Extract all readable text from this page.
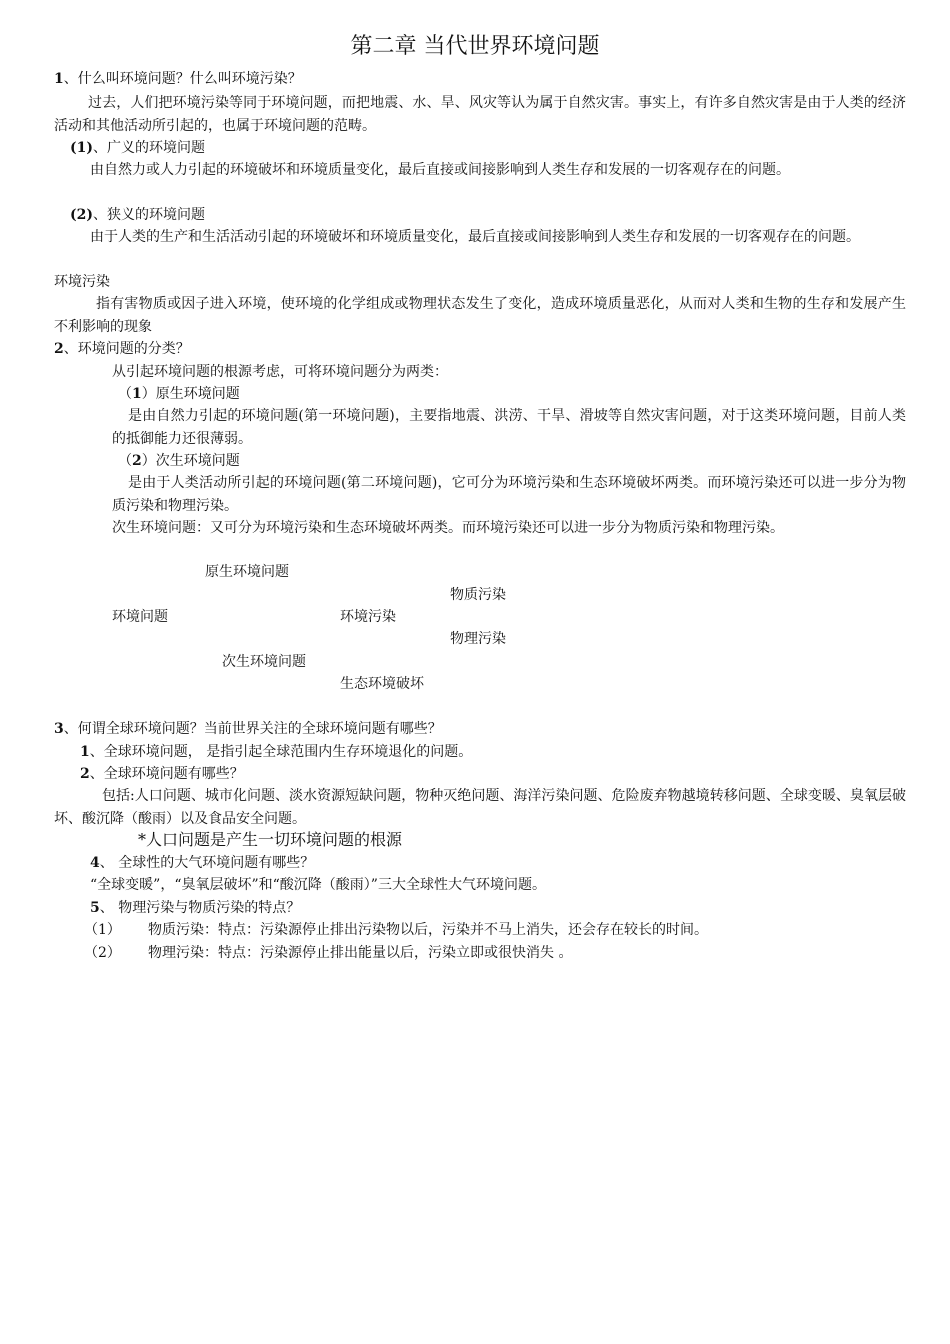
第二章 当代世界环境问题
1、什么叫环境问题？什么叫环境污染？
过去，人们把环境污染等同于环境问题，而把地震、水、旱、风灾等认为属于自然灾害。事实上，有许多自然灾害是由于人类的经济活动和其他活动所引起的，也属于环境问题的范畴。
(1)、广义的环境问题
由自然力或人力引起的环境破坏和环境质量变化，最后直接或间接影响到人类生存和发展的一切客观存在的问题。
(2)、狭义的环境问题
由于人类的生产和生活活动引起的环境破坏和环境质量变化，最后直接或间接影响到人类生存和发展的一切客观存在的问题。
环境污染
指有害物质或因子进入环境，使环境的化学组成或物理状态发生了变化，造成环境质量恶化，从而对人类和生物的生存和发展产生不利影响的现象
2、环境问题的分类？
从引起环境问题的根源考虑，可将环境问题分为两类：
（1）原生环境问题
是由自然力引起的环境问题(第一环境问题)，主要指地震、洪涝、干旱、滑坡等自然灾害问题，对于这类环境问题，目前人类的抵御能力还很薄弱。
（2）次生环境问题
是由于人类活动所引起的环境问题(第二环境问题)，它可分为环境污染和生态环境破坏两类。而环境污染还可以进一步分为物质污染和物理污染。
次生环境问题：又可分为环境污染和生态环境破坏两类。而环境污染还可以进一步分为物质污染和物理污染。
原生环境问题
物质污染
环境问题	环境污染
物理污染
次生环境问题
生态环境破坏
3、何谓全球环境问题？当前世界关注的全球环境问题有哪些？
1、全球环境问题， 是指引起全球范围内生存环境退化的问题。
2、全球环境问题有哪些？
包括:人口问题、城市化问题、淡水资源短缺问题，物种灭绝问题、海洋污染问题、危险废弃物越境转移问题、全球变暖、臭氧层破坏、酸沉降（酸雨）以及食品安全问题。
*人口问题是产生一切环境问题的根源
4、 全球性的大气环境问题有哪些？
“全球变暖”，“臭氧层破坏”和“酸沉降（酸雨）”三大全球性大气环境问题。
5、 物理污染与物质污染的特点？
（1） 物质污染：特点：污染源停止排出污染物以后，污染并不马上消失，还会存在较长的时间。
（2） 物理污染：特点：污染源停止排出能量以后，污染立即或很快消失 。
